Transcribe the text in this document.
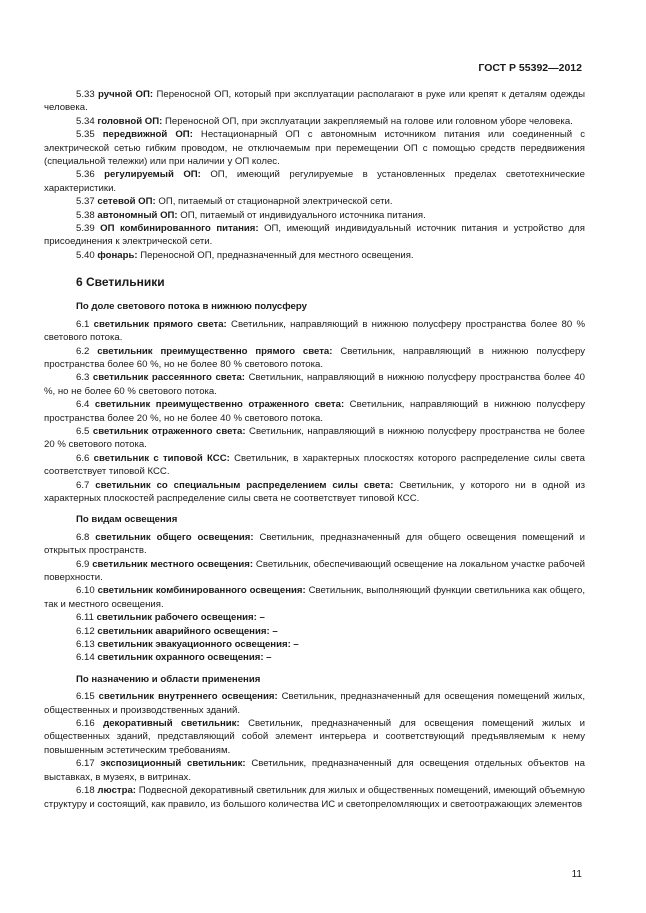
ГОСТ Р 55392—2012

5.33 ручной ОП: Переносной ОП, который при эксплуатации располагают в руке или крепят к деталям одежды человека.

5.34 головной ОП: Переносной ОП, при эксплуатации закрепляемый на голове или головном уборе человека.

5.35 передвижной ОП: Нестационарный ОП с автономным источником питания или соединенный с электрической сетью гибким проводом, не отключаемым при перемещении ОП с помощью средств передвижения (специальной тележки) или при наличии у ОП колес.

5.36 регулируемый ОП: ОП, имеющий регулируемые в установленных пределах светотехнические характеристики.

5.37 сетевой ОП: ОП, питаемый от стационарной электрической сети.

5.38 автономный ОП: ОП, питаемый от индивидуального источника питания.

5.39 ОП комбинированного питания: ОП, имеющий индивидуальный источник питания и устройство для присоединения к электрической сети.

5.40 фонарь: Переносной ОП, предназначенный для местного освещения.

6 Светильники
По доле светового потока в нижнюю полусферу

6.1 светильник прямого света: Светильник, направляющий в нижнюю полусферу пространства более 80 % светового потока.

6.2 светильник преимущественно прямого света: Светильник, направляющий в нижнюю полусферу пространства более 60 %, но не более 80 % светового потока.

6.3 светильник рассеянного света: Светильник, направляющий в нижнюю полусферу пространства более 40 %, но не более 60 % светового потока.

6.4 светильник преимущественно отраженного света: Светильник, направляющий в нижнюю полусферу пространства более 20 %, но не более 40 % светового потока.

6.5 светильник отраженного света: Светильник, направляющий в нижнюю полусферу пространства не более 20 % светового потока.

6.6 светильник с типовой КСС: Светильник, в характерных плоскостях которого распределение силы света соответствует типовой КСС.

6.7 светильник со специальным распределением силы света: Светильник, у которого ни в одной из характерных плоскостей распределение силы света не соответствует типовой КСС.

По видам освещения

6.8 светильник общего освещения: Светильник, предназначенный для общего освещения помещений и открытых пространств.

6.9 светильник местного освещения: Светильник, обеспечивающий освещение на локальном участке рабочей поверхности.

6.10 светильник комбинированного освещения: Светильник, выполняющий функции светильника как общего, так и местного освещения.

6.11 светильник рабочего освещения: –

6.12 светильник аварийного освещения: –

6.13 светильник эвакуационного освещения: –

6.14 светильник охранного освещения: –

По назначению и области применения

6.15 светильник внутреннего освещения: Светильник, предназначенный для освещения помещений жилых, общественных и производственных зданий.

6.16 декоративный светильник: Светильник, предназначенный для освещения помещений жилых и общественных зданий, представляющий собой элемент интерьера и соответствующий предъявляемым к нему повышенным эстетическим требованиям.

6.17 экспозиционный светильник: Светильник, предназначенный для освещения отдельных объектов на выставках, в музеях, в витринах.

6.18 люстра: Подвесной декоративный светильник для жилых и общественных помещений, имеющий объемную структуру и состоящий, как правило, из большого количества ИС и светопреломляющих и светоотражающих элементов

11
